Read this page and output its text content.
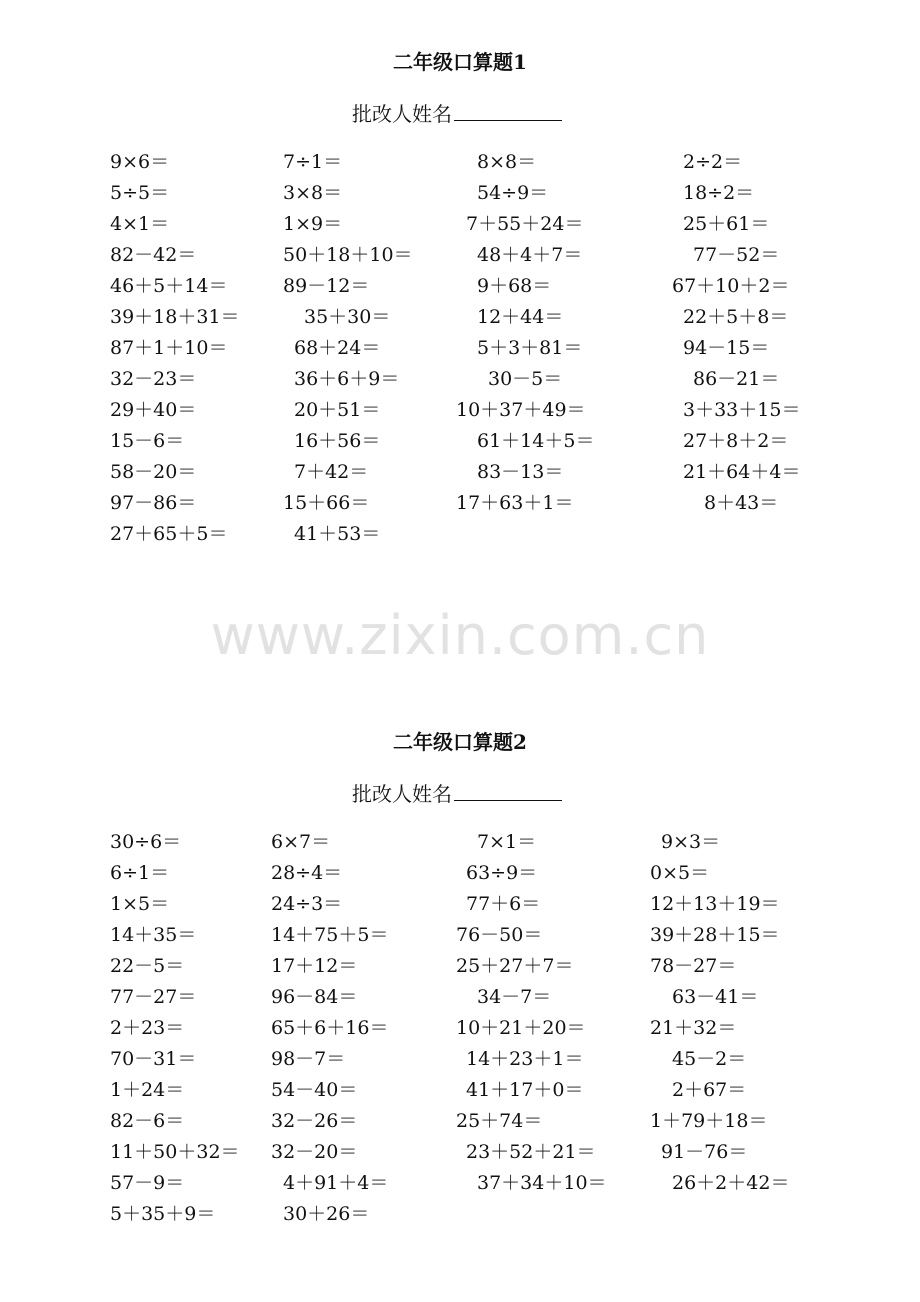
二年级口算题1
批改人姓名
9×6＝	7÷1＝	8×8＝	2÷2＝
5÷5＝	3×8＝	54÷9＝	18÷2＝
4×1＝	1×9＝	7＋55＋24＝	25＋61＝
82－42＝	50＋18＋10＝	48＋4＋7＝	77－52＝
46＋5＋14＝	89－12＝	9＋68＝	67＋10＋2＝
39＋18＋31＝	35＋30＝	12＋44＝	22＋5＋8＝
87＋1＋10＝	68＋24＝	5＋3＋81＝	94－15＝
32－23＝	36＋6＋9＝	30－5＝	86－21＝
29＋40＝	20＋51＝	10＋37＋49＝	3＋33＋15＝
15－6＝	16＋56＝	61＋14＋5＝	27＋8＋2＝
58－20＝	7＋42＝	83－13＝	21＋64＋4＝
97－86＝	15＋66＝	17＋63＋1＝	8＋43＝
27＋65＋5＝	41＋53＝
www.zixin.com.cn
二年级口算题2
批改人姓名
30÷6＝	6×7＝	7×1＝	9×3＝
6÷1＝	28÷4＝	63÷9＝	0×5＝
1×5＝	24÷3＝	77＋6＝	12＋13＋19＝
14＋35＝	14＋75＋5＝	76－50＝	39＋28＋15＝
22－5＝	17＋12＝	25＋27＋7＝	78－27＝
77－27＝	96－84＝	34－7＝	63－41＝
2＋23＝	65＋6＋16＝	10＋21＋20＝	21＋32＝
70－31＝	98－7＝	14＋23＋1＝	45－2＝
1＋24＝	54－40＝	41＋17＋0＝	2＋67＝
82－6＝	32－26＝	25＋74＝	1＋79＋18＝
11＋50＋32＝ 32－20＝	23＋52＋21＝	91－76＝
57－9＝	4＋91＋4＝	37＋34＋10＝	26＋2＋42＝
5＋35＋9＝	30＋26＝
